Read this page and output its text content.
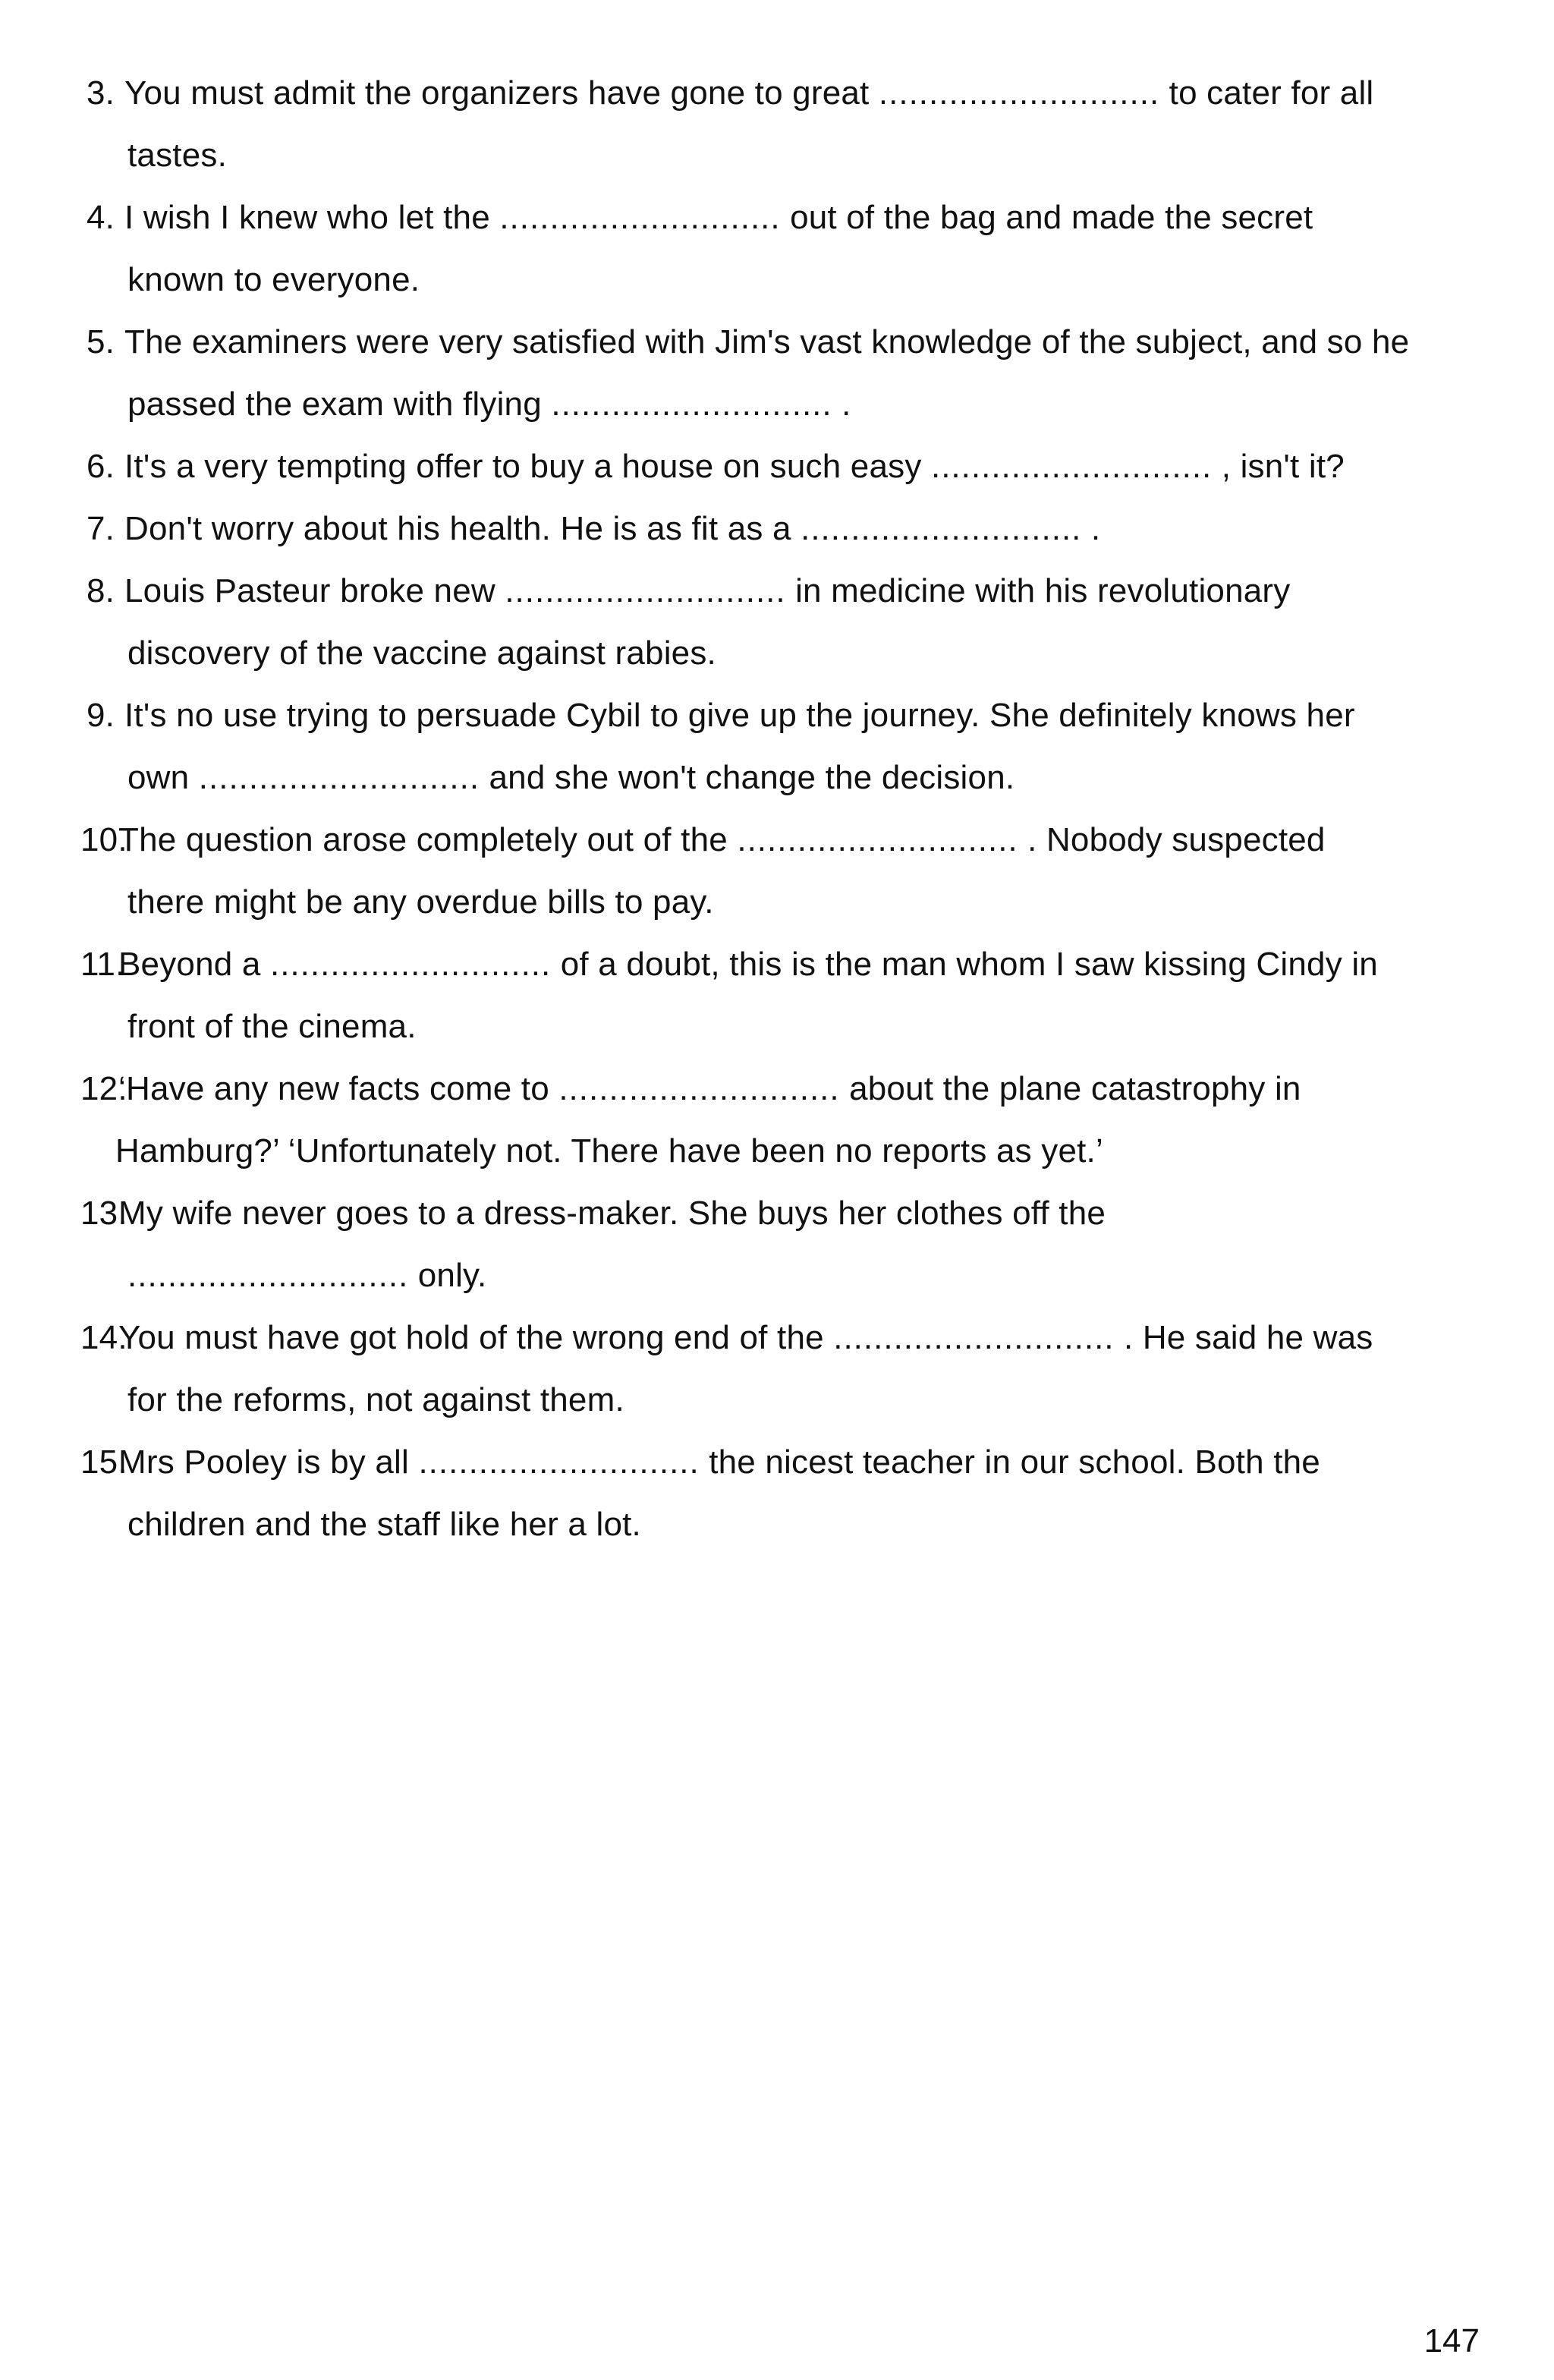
3. You must admit the organizers have gone to great ............................ to cater for all
tastes.
4. I wish I knew who let the ............................ out of the bag and made the secret
known to everyone.
5. The examiners were very satisfied with Jim's vast knowledge of the subject, and so he
passed the exam with flying ............................ .
6. It's a very tempting offer to buy a house on such easy ............................ , isn't it?
7. Don't worry about his health. He is as fit as a ............................ .
8. Louis Pasteur broke new ............................ in medicine with his revolutionary
discovery of the vaccine against rabies.
9. It's no use trying to persuade Cybil to give up the journey. She definitely knows her
own ............................ and she won't change the decision.
10.
The question arose completely out of the ............................ . Nobody suspected
there might be any overdue bills to pay.
11.
Beyond a ............................ of a doubt, this is the man whom I saw kissing Cindy in
front of the cinema.
12.
‘Have any new facts come to ............................ about the plane catastrophy in
Hamburg?’ ‘Unfortunately not. There have been no reports as yet.’
13.
My wife never goes to a dress-maker. She buys her clothes off the
............................ only.
14.
You must have got hold of the wrong end of the ............................ . He said he was
for the reforms, not against them.
15.
Mrs Pooley is by all ............................ the nicest teacher in our school. Both the
children and the staff like her a lot.
147
